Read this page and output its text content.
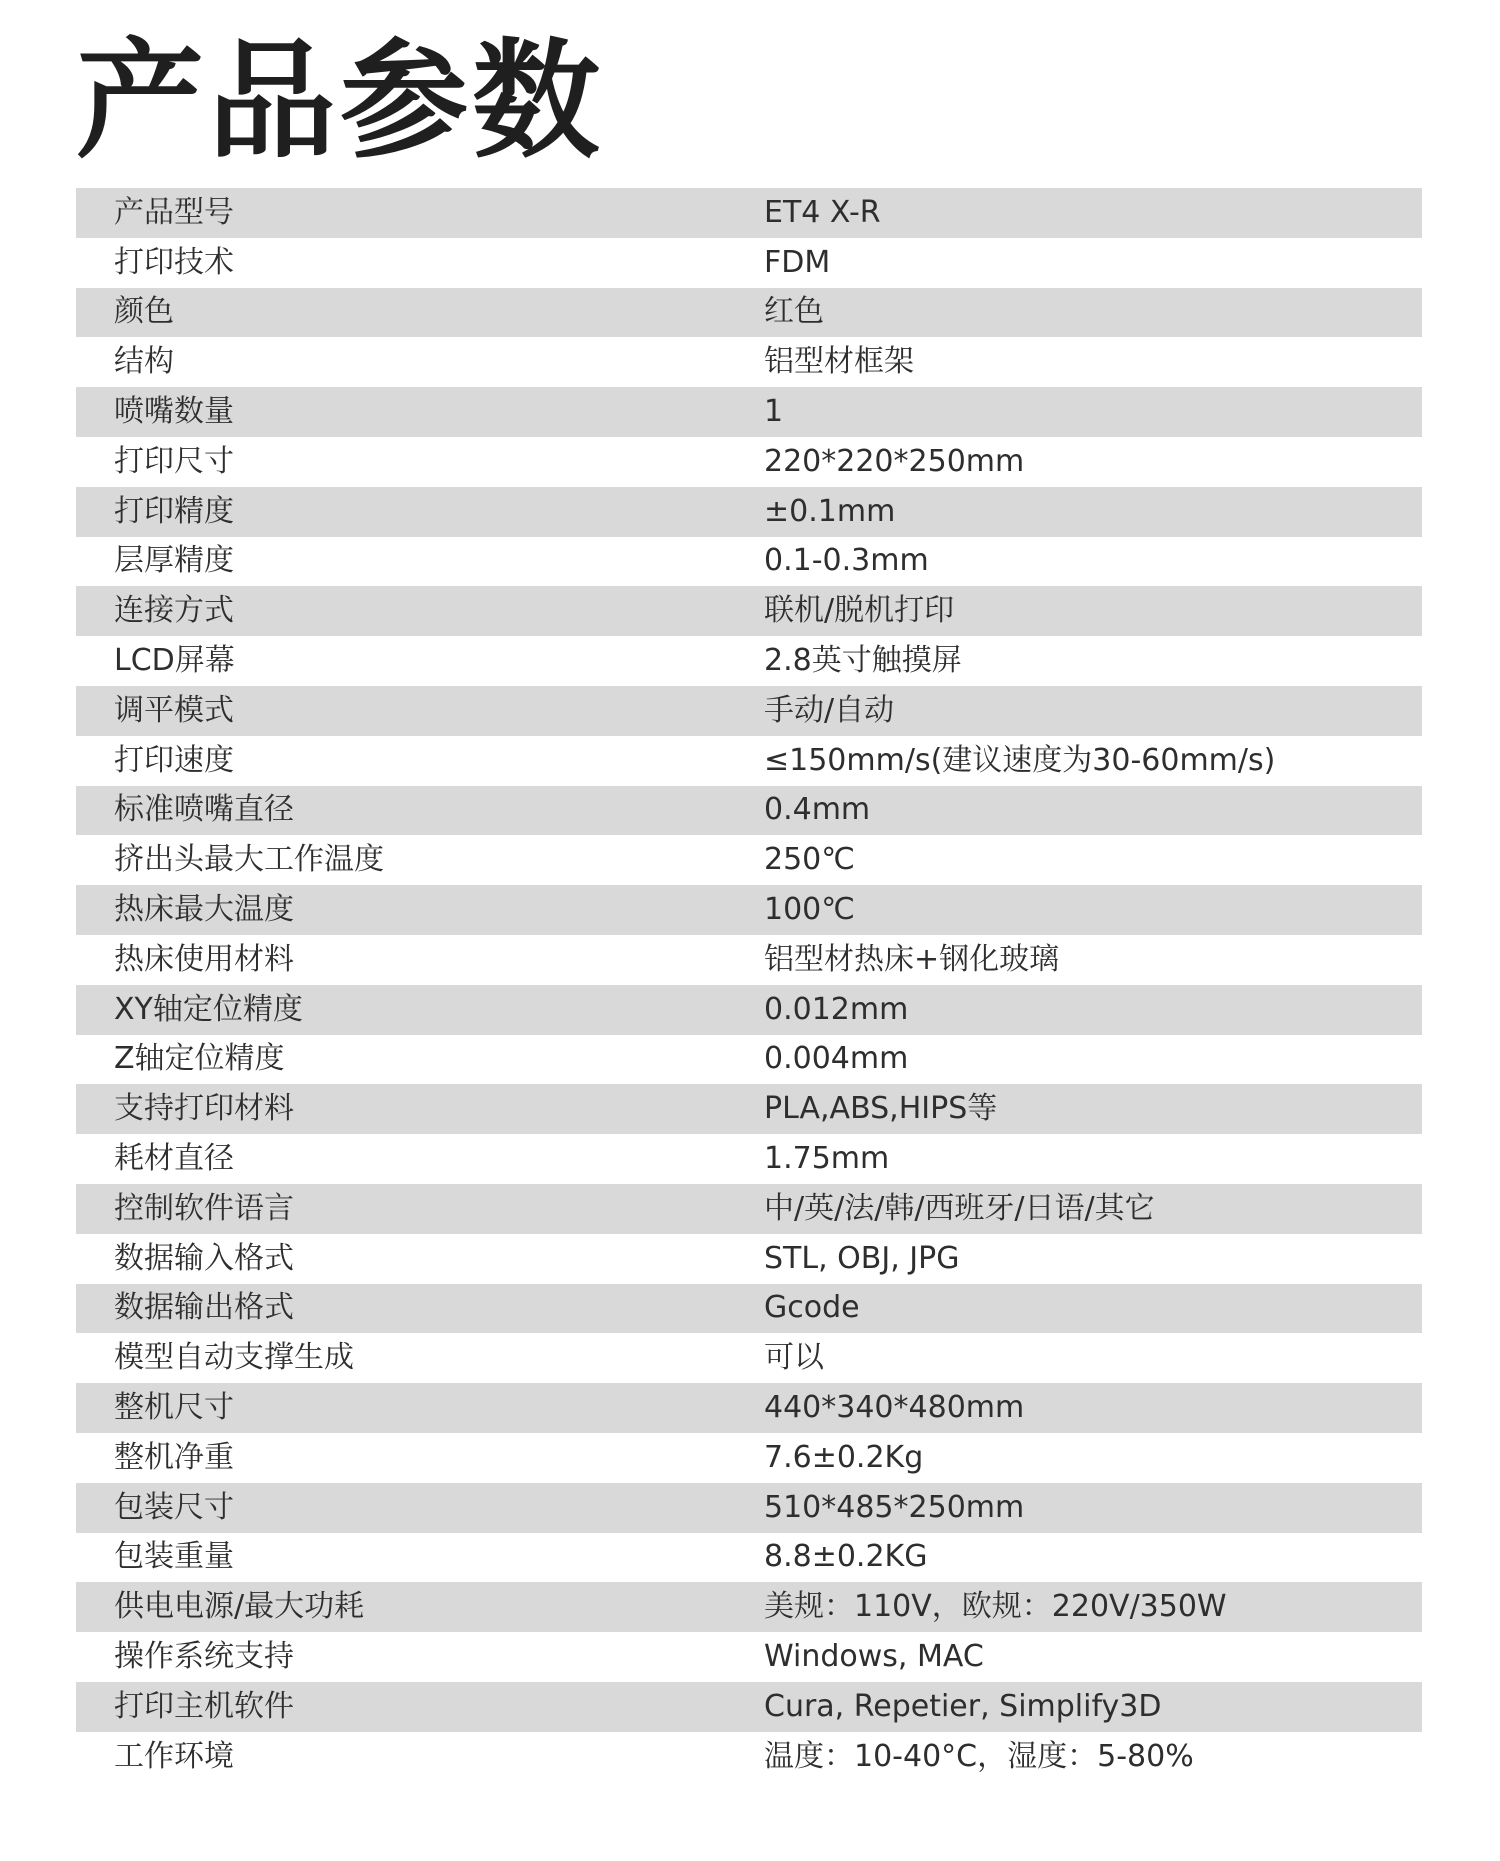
产品参数
产品型号	ET4 X-R
打印技术	FDM
颜色	红色
结构	铝型材框架
喷嘴数量	1
打印尺寸	220*220*250mm
打印精度	±0.1mm
层厚精度	0.1-0.3mm
连接方式	联机/脱机打印
LCD屏幕	2.8英寸触摸屏
调平模式	手动/自动
打印速度	≤150mm/s(建议速度为30-60mm/s)
标准喷嘴直径	0.4mm
挤出头最大工作温度	250℃
热床最大温度	100℃
热床使用材料	铝型材热床+钢化玻璃
XY轴定位精度	0.012mm
Z轴定位精度	0.004mm
支持打印材料	PLA,ABS,HIPS等
耗材直径	1.75mm
控制软件语言	中/英/法/韩/西班牙/日语/其它
数据输入格式	STL, OBJ, JPG
数据输出格式	Gcode
模型自动支撑生成	可以
整机尺寸	440*340*480mm
整机净重	7.6±0.2Kg
包装尺寸	510*485*250mm
包装重量	8.8±0.2KG
供电电源/最大功耗	美规：110V，欧规：220V/350W
操作系统支持	Windows, MAC
打印主机软件	Cura, Repetier, Simplify3D
工作环境	温度：10-40°C，湿度：5-80%
